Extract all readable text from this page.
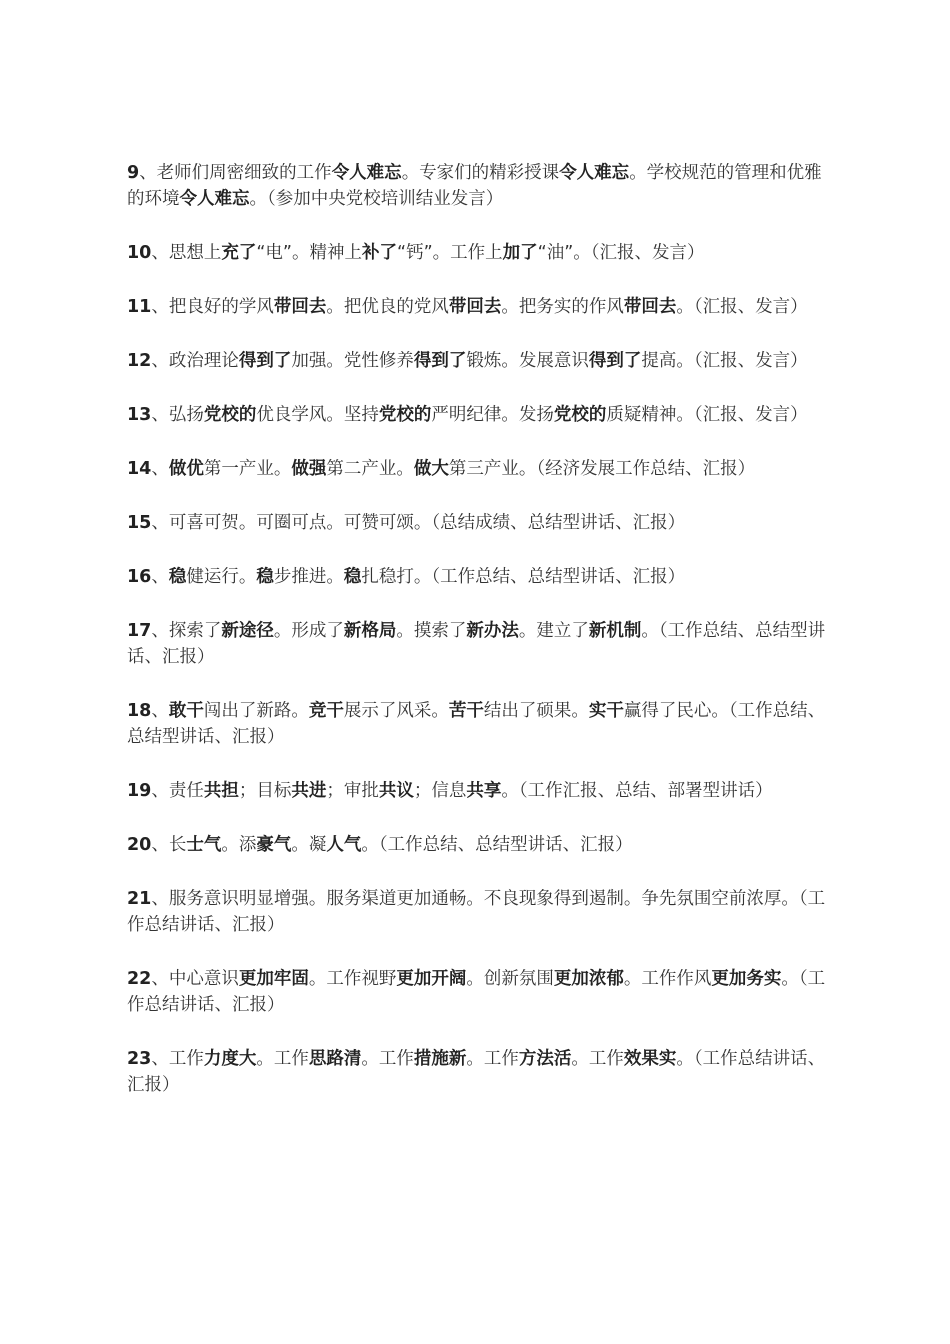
9、老师们周密细致的工作令人难忘。专家们的精彩授课令人难忘。学校规范的管理和优雅的环境令人难忘。（参加中央党校培训结业发言）

10、思想上充了“电”。精神上补了“钙”。工作上加了“油”。（汇报、发言）

11、把良好的学风带回去。把优良的党风带回去。把务实的作风带回去。（汇报、发言）

12、政治理论得到了加强。党性修养得到了锻炼。发展意识得到了提高。（汇报、发言）

13、弘扬党校的优良学风。坚持党校的严明纪律。发扬党校的质疑精神。（汇报、发言）

14、做优第一产业。做强第二产业。做大第三产业。（经济发展工作总结、汇报）

15、可喜可贺。可圈可点。可赞可颂。（总结成绩、总结型讲话、汇报）

16、稳健运行。稳步推进。稳扎稳打。（工作总结、总结型讲话、汇报）

17、探索了新途径。形成了新格局。摸索了新办法。建立了新机制。（工作总结、总结型讲话、汇报）

18、敢干闯出了新路。竞干展示了风采。苦干结出了硕果。实干赢得了民心。（工作总结、总结型讲话、汇报）

19、责任共担；目标共进；审批共议；信息共享。（工作汇报、总结、部署型讲话）

20、长士气。添豪气。凝人气。（工作总结、总结型讲话、汇报）

21、服务意识明显增强。服务渠道更加通畅。不良现象得到遏制。争先氛围空前浓厚。（工作总结讲话、汇报）

22、中心意识更加牢固。工作视野更加开阔。创新氛围更加浓郁。工作作风更加务实。（工作总结讲话、汇报）

23、工作力度大。工作思路清。工作措施新。工作方法活。工作效果实。（工作总结讲话、汇报）
